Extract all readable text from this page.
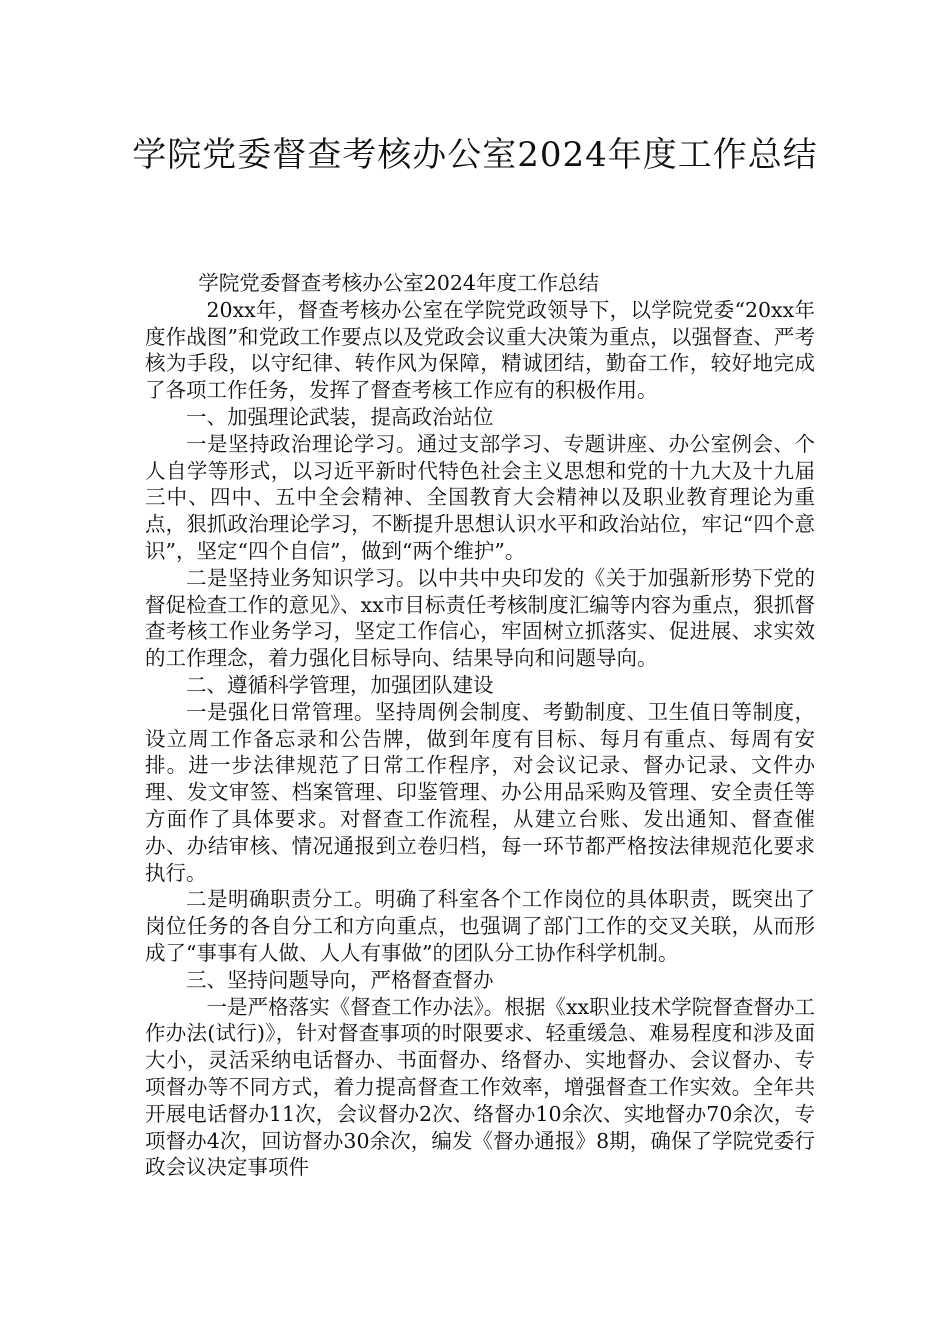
学院党委督查考核办公室2024年度工作总结

学院党委督查考核办公室2024年度工作总结

20xx年，督查考核办公室在学院党政领导下，以学院党委“20xx年度作战图”和党政工作要点以及党政会议重大决策为重点，以强督查、严考核为手段，以守纪律、转作风为保障，精诚团结，勤奋工作，较好地完成了各项工作任务，发挥了督查考核工作应有的积极作用。

一、加强理论武装，提高政治站位

一是坚持政治理论学习。通过支部学习、专题讲座、办公室例会、个人自学等形式，以习近平新时代特色社会主义思想和党的十九大及十九届三中、四中、五中全会精神、全国教育大会精神以及职业教育理论为重点，狠抓政治理论学习，不断提升思想认识水平和政治站位，牢记“四个意识”，坚定“四个自信”，做到“两个维护”。

二是坚持业务知识学习。以中共中央印发的《关于加强新形势下党的督促检查工作的意见》、xx市目标责任考核制度汇编等内容为重点，狠抓督查考核工作业务学习，坚定工作信心，牢固树立抓落实、促进展、求实效的工作理念，着力强化目标导向、结果导向和问题导向。

二、遵循科学管理，加强团队建设

一是强化日常管理。坚持周例会制度、考勤制度、卫生值日等制度，设立周工作备忘录和公告牌，做到年度有目标、每月有重点、每周有安排。进一步法律规范了日常工作程序，对会议记录、督办记录、文件办理、发文审签、档案管理、印鉴管理、办公用品采购及管理、安全责任等方面作了具体要求。对督查工作流程，从建立台账、发出通知、督查催办、办结审核、情况通报到立卷归档，每一环节都严格按法律规范化要求执行。

二是明确职责分工。明确了科室各个工作岗位的具体职责，既突出了岗位任务的各自分工和方向重点，也强调了部门工作的交叉关联，从而形成了“事事有人做、人人有事做”的团队分工协作科学机制。

三、坚持问题导向，严格督查督办

一是严格落实《督查工作办法》。根据《xx职业技术学院督查督办工作办法(试行)》，针对督查事项的时限要求、轻重缓急、难易程度和涉及面大小，灵活采纳电话督办、书面督办、络督办、实地督办、会议督办、专项督办等不同方式，着力提高督查工作效率，增强督查工作实效。全年共开展电话督办11次，会议督办2次、络督办10余次、实地督办70余次，专项督办4次，回访督办30余次，编发《督办通报》8期，确保了学院党委行政会议决定事项件
